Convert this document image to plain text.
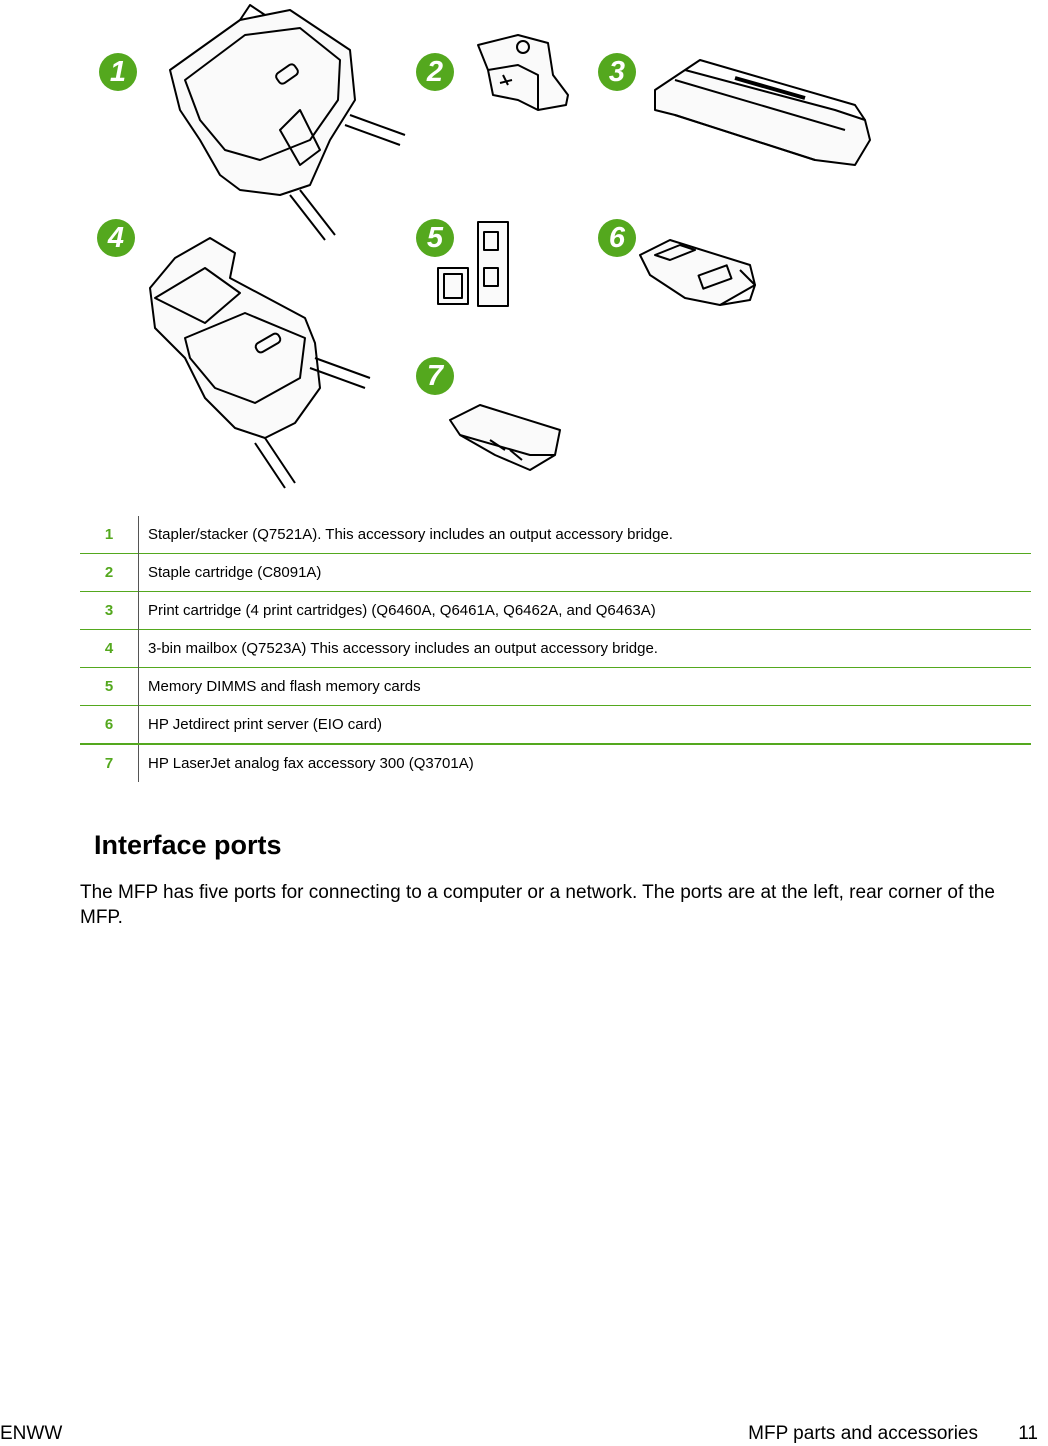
1	2	3
4	5	6
7
1	Stapler/stacker (Q7521A). This accessory includes an output accessory bridge.
2	Staple cartridge (C8091A)
3	Print cartridge (4 print cartridges) (Q6460A, Q6461A, Q6462A, and Q6463A)
4	3-bin mailbox (Q7523A) This accessory includes an output accessory bridge.
5	Memory DIMMS and flash memory cards
6	HP Jetdirect print server (EIO card)
7	HP LaserJet analog fax accessory 300 (Q3701A)
Interface ports

The MFP has five ports for connecting to a computer or a network. The ports are at the left, rear corner of the MFP.

ENWW	MFP parts and accessories 11
